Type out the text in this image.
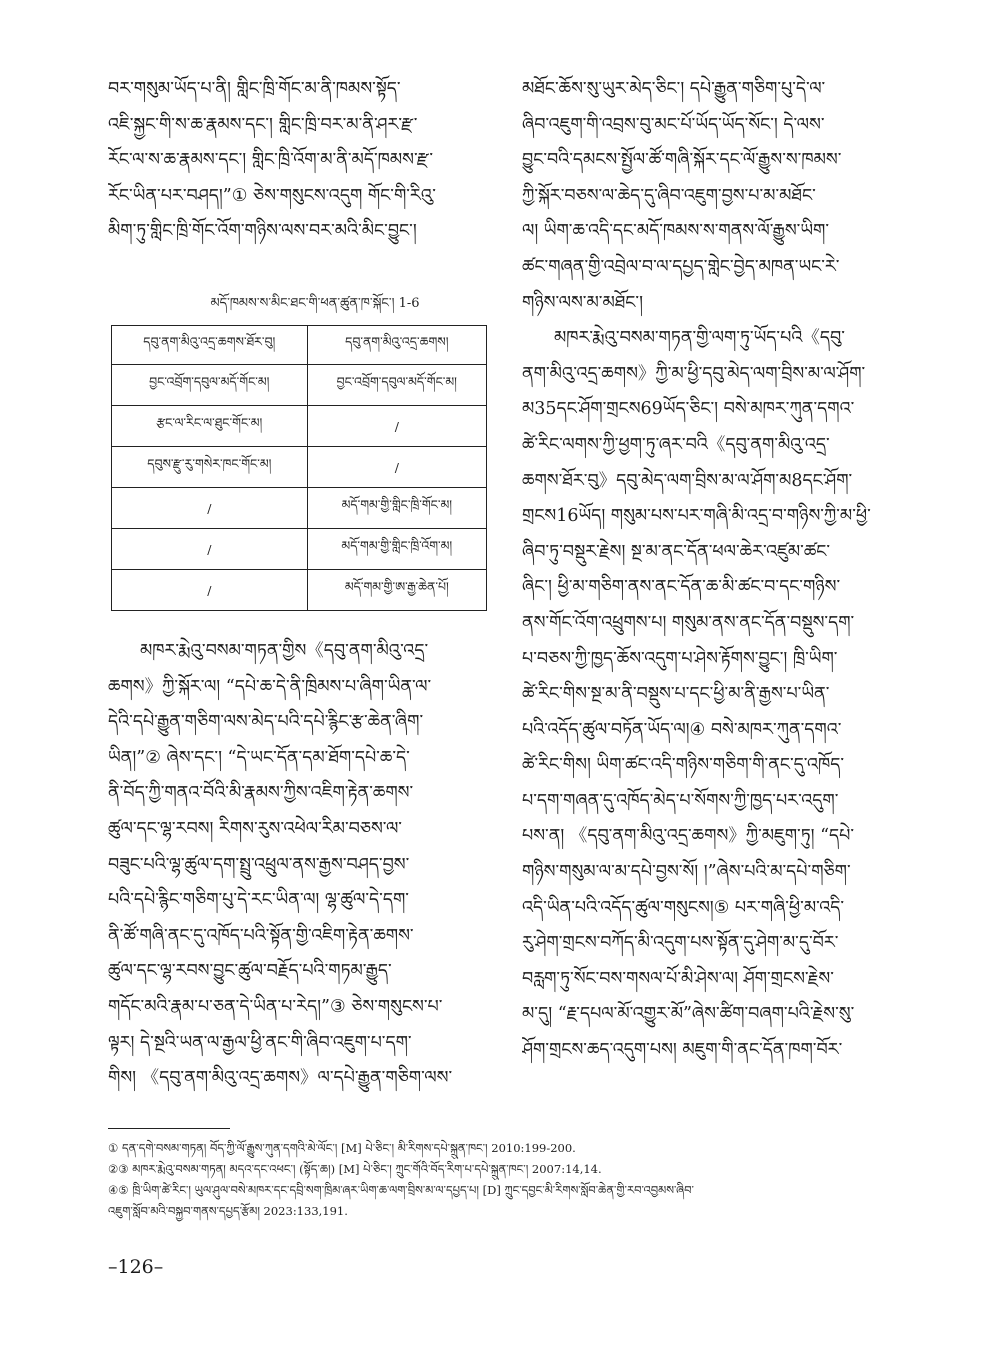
བར་གསུམ་ཡོད་པ་ནི། གླིང་ཁྲི་གོང་མ་ནི་ཁམས་སྟོད་

འཇི་སྐྱང་གི་ས་ཆ་རྣམས་དང་། གླིང་ཁྲི་བར་མ་ནི་ཤར་རྫ་

རོང་ལ་ས་ཆ་རྣམས་དང་། གླིང་ཁྲི་འོག་མ་ནི་མདོ་ཁམས་རྫ་

རོང་ཡིན་པར་བཤད།”① ཅེས་གསུངས་འདུག གོང་གི་རིའུ་

མིག་ཏུ་གླིང་ཁྲི་གོང་འོག་གཉིས་ལས་བར་མའི་མིང་བྱུང་།

མདོ་ཁམས་ས་མིང་ཐང་གི་ཕན་ཚུན་ཁ་སྐོང་། 1-6
དབུ་ནག་མིའུ་འདྲ་ཆགས་ཐོར་བུ།	དབུ་ནག་མིའུ་འདྲ་ཆགས།
བྱང་འབྲོག་དབུལ་མདོ་གོང་མ།	བྱང་འབྲོག་དབུལ་མདོ་གོང་མ།
རྩང་ལ་རིང་ལ་ཐུང་གོང་མ།	/
དབུས་རྫུ་རུ་གསེར་ཁང་གོང་མ།	/
/	མདོ་གམ་གྱི་གླིང་ཁྲི་གོང་མ།
/	མདོ་གམ་གྱི་གླིང་ཁྲི་འོག་མ།
/	མདོ་གམ་གྱི་ཨ་རྒྱ་ཆེན་པོ།

མཁར་རྨེའུ་བསམ་གཏན་གྱིས《དབུ་ནག་མིའུ་འདྲ་

ཆགས》ཀྱི་སྐོར་ལ། “དཔེ་ཆ་དེ་ནི་ཁྲིམས་པ་ཞིག་ཡིན་ལ་

དེའི་དཔེ་རྒྱུན་གཅིག་ལས་མེད་པའི་དཔེ་རྙིང་རྩ་ཆེན་ཞིག་

ཡིན།”② ཞེས་དང་། “དེ་ཡང་དོན་དམ་ཐོག་དཔེ་ཆ་དེ་

ནི་བོད་ཀྱི་གནའ་བོའི་མི་རྣམས་ཀྱིས་འཇིག་རྟེན་ཆགས་

ཚུལ་དང་ལྷ་རབས། རིགས་རུས་འཕེལ་རིམ་བཅས་ལ་

བཟུང་པའི་ལྷ་ཚུལ་དག་སྤྲུ་འཕྲུལ་ནས་རྒྱས་བཤད་བྱས་

པའི་དཔེ་རྙིང་གཅིག་པུ་དེ་རང་ཡིན་ལ། ལྷ་ཚུལ་དེ་དག་

ནི་ཚོ་གཞི་ནང་དུ་འཁོད་པའི་སྟོན་གྱི་འཇིག་རྟེན་ཆགས་

ཚུལ་དང་ལྷ་རབས་བྱུང་ཚུལ་བརྗོད་པའི་གཏམ་རྒྱུད་

གདོང་མའི་རྣམ་པ་ཅན་དེ་ཡིན་པ་རེད།”③ ཅེས་གསུངས་པ་

ལྟར། དེ་སྔའི་ཡན་ལ་རྒྱལ་ཕྱི་ནང་གི་ཞིབ་འཇུག་པ་དག་

གིས། 《དབུ་ནག་མིའུ་འདྲ་ཆགས》ལ་དཔེ་རྒྱུན་གཅིག་ལས་

མཐོང་ཆོས་སུ་ཡུར་མེད་ཅིང་། དཔེ་རྒྱུན་གཅིག་པུ་དེ་ལ་

ཞིབ་འཇུག་གི་འབྲས་བུ་མང་པོ་ཡོད་ཡོད་སོང་། དེ་ལས་

བྱུང་བའི་དམངས་སྤྱོལ་ཚོ་གཞི་སྐོར་དང་ལོ་རྒྱུས་ས་ཁམས་

ཀྱི་སྐོར་བཅས་ལ་ཆེད་དུ་ཞིབ་འཇུག་བྱས་པ་མ་མཐོང་

ལ། ཡིག་ཆ་འདི་དང་མདོ་ཁམས་ས་གནས་ལོ་རྒྱུས་ཡིག་

ཚང་གཞན་གྱི་འབྲེལ་བ་ལ་དཔྱད་གླེང་བྱེད་མཁན་ཡང་རེ་

གཉིས་ལས་མ་མཐོང་།

མཁར་རྨེའུ་བསམ་གཏན་གྱི་ལག་ཏུ་ཡོད་པའི《དབུ་

ནག་མིའུ་འདྲ་ཆགས》ཀྱི་མ་ཕྱི་དབུ་མེད་ལག་བྲིས་མ་ལ་ཤོག་

མ35དང་ཤོག་གྲངས69ཡོད་ཅིང་། བསེ་མཁར་ཀུན་དགའ་

ཚེ་རིང་ལགས་ཀྱི་ཕྱག་ཏུ་ཞར་བའི《དབུ་ནག་མིའུ་འདྲ་

ཆགས་ཐོར་བུ》དབུ་མེད་ལག་བྲིས་མ་ལ་ཤོག་མ8དང་ཤོག་

གྲངས16ཡོད། གསུམ་པས་པར་གཞི་མི་འདྲ་བ་གཉིས་ཀྱི་མ་ཕྱི་

ཞིབ་ཏུ་བསྡུར་རྗེས། སྔ་མ་ནང་དོན་ཕལ་ཆེར་འཛུམ་ཚང་

ཞིང་། ཕྱི་མ་གཅིག་ནས་ནང་དོན་ཆ་མི་ཚང་བ་དང་གཉིས་

ནས་གོང་འོག་འཕྲུགས་པ། གསུམ་ནས་ནང་དོན་བསྡུས་དག་

པ་བཅས་ཀྱི་ཁྱད་ཆོས་འདུག་པ་ཤེས་རྟོགས་བྱུང་། ཁྲི་ཡིག་

ཚེ་རིང་གིས་སྔ་མ་ནི་བསྡུས་པ་དང་ཕྱི་མ་ནི་རྒྱས་པ་ཡིན་

པའི་འདོད་ཚུལ་བཏོན་ཡོད་ལ།④ བསེ་མཁར་ཀུན་དགའ་

ཚེ་རིང་གིས། ཡིག་ཚང་འདི་གཉིས་གཅིག་གི་ནང་དུ་འཁོད་

པ་དག་གཞན་དུ་འཁོད་མེད་པ་སོགས་ཀྱི་ཁྱད་པར་འདུག་

པས་ན། 《དབུ་ནག་མིའུ་འདྲ་ཆགས》ཀྱི་མཇུག་ཏུ། “དཔེ་

གཉིས་གསུམ་ལ་མ་དཔེ་བྱས་སོ། །”ཞེས་པའི་མ་དཔེ་གཅིག་

འདི་ཡིན་པའི་འདོད་ཚུལ་གསུངས།⑤ པར་གཞི་ཕྱི་མ་འདི་

རུ་ཤེག་གྲངས་བཀོད་མི་འདུག་པས་སྟོན་དུ་ཤེག་མ་དུ་བོར་

བརླག་ཏུ་སོང་བས་གསལ་པོ་མི་ཤེས་ལ། ཤོག་གྲངས་རྗེས་

མ་དུ། “རྗ་དཔལ་མོ་འགྱུར་མོ”ཞེས་ཚིག་བཞག་པའི་རྗེས་སུ་

ཤོག་གྲངས་ཆད་འདུག་པས། མཇུག་གི་ནང་དོན་ཁག་བོར་

① དན་དགེ་བསམ་གཏན། བོད་ཀྱི་ལོ་རྒྱུས་ཀུན་དགའི་མེ་ལོང་། [M] པེ་ཅིང་། མི་རིགས་དཔེ་སྐྲུན་ཁང་། 2010:199-200.

②③ མཁར་རྨེའུ་བསམ་གཏན། མདའ་དང་འཕང་། (སྟོད་ཆ།) [M] པེ་ཅིང་། ཀྲུང་གོའི་བོད་རིག་པ་དཔེ་སྐྲུན་ཁང་། 2007:14,14.

④⑤ ཁྲི་ཡིག་ཚེ་རིང་། ཡུལ་ཤུལ་བསེ་མཁར་དང་དབྲི་སག་ཁྲིམ་ཞར་ཡིག་ཆ་ལག་བྲིས་མ་ལ་དཔྱད་པ། [D] ཀྲུང་དབྱང་མི་རིགས་སློབ་ཆེན་གྱི་རབ་འབྱམས་ཞིབ་

འཇུག་སློབ་མའི་བསྐྱབ་གནས་དཔྱད་རྩོམ། 2023:133,191.

–126–
